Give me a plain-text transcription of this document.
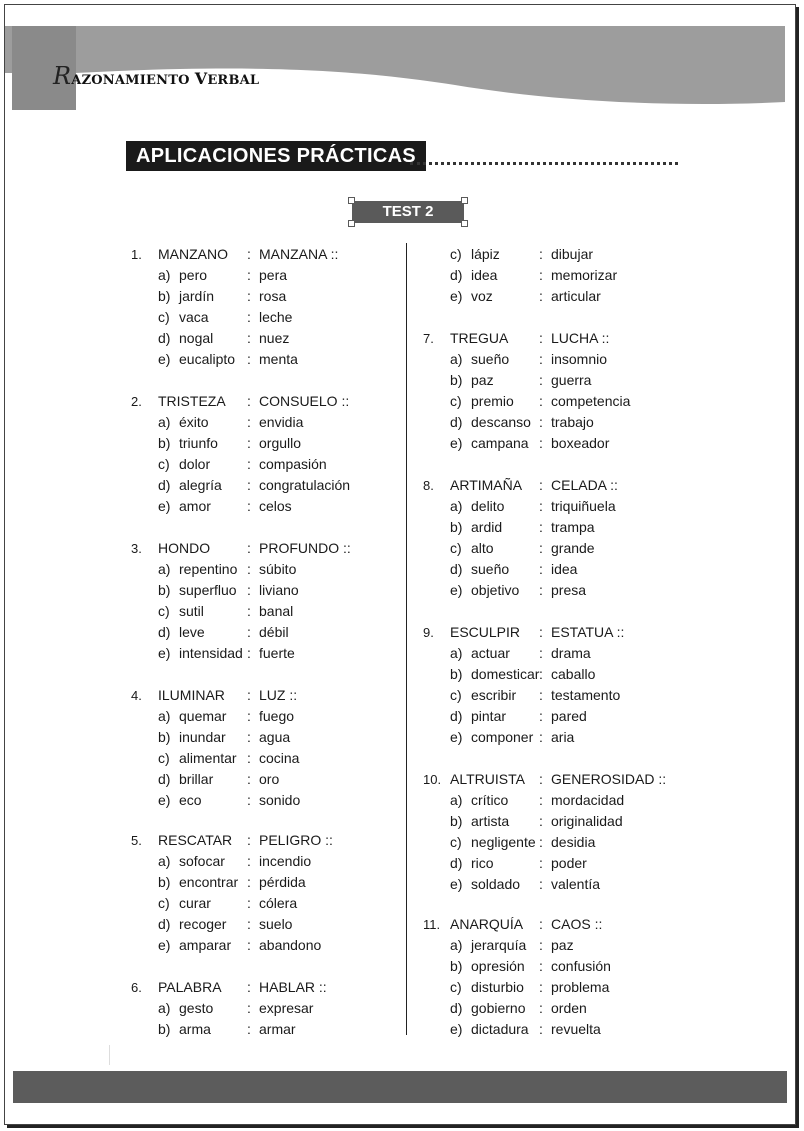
RAZONAMIENTO VERBAL
APLICACIONES PRÁCTICAS
TEST 2
1. MANZANO : MANZANA ::
a) pero	: pera
b) jardín : rosa
c) vaca	: leche
d) nogal : nuez
e) eucalipto : menta
2. TRISTEZA : CONSUELO ::
a) éxito	: envidia
b) triunfo : orgullo
c) dolor	: compasión
d) alegría : congratulación
e) amor	: celos
3. HONDO	: PROFUNDO ::
a) repentino : súbito
b) superfluo : liviano
c) sutil	: banal
d) leve	: débil
e) intensidad : fuerte
4. ILUMINAR : LUZ ::
a) quemar : fuego
b) inundar : agua
c) alimentar : cocina
d) brillar : oro
e) eco	: sonido
5. RESCATAR : PELIGRO ::
a) sofocar : incendio
b) encontrar : pérdida
c) curar	: cólera
d) recoger : suelo
e) amparar : abandono
6. PALABRA : HABLAR ::
a) gesto : expresar
b) arma	: armar
c) lápiz	: dibujar
d) idea	: memorizar
e) voz	: articular
7. TREGUA : LUCHA ::
a) sueño : insomnio
b) paz	: guerra
c) premio : competencia
d) descanso : trabajo
e) campana : boxeador
8. ARTIMAÑA : CELADA ::
a) delito : triquiñuela
b) ardid	: trampa
c) alto	: grande
d) sueño : idea
e) objetivo : presa
9. ESCULPIR : ESTATUA ::
a) actuar : drama
b) domesticar : caballo
c) escribir : testamento
d) pintar : pared
e) componer : aria
10. ALTRUISTA : GENEROSIDAD ::
a) crítico : mordacidad
b) artista : originalidad
c) negligente : desidia
d) rico	: poder
e) soldado : valentía
11. ANARQUÍA : CAOS ::
a) jerarquía : paz
b) opresión : confusión
c) disturbio : problema
d) gobierno : orden
e) dictadura : revuelta
